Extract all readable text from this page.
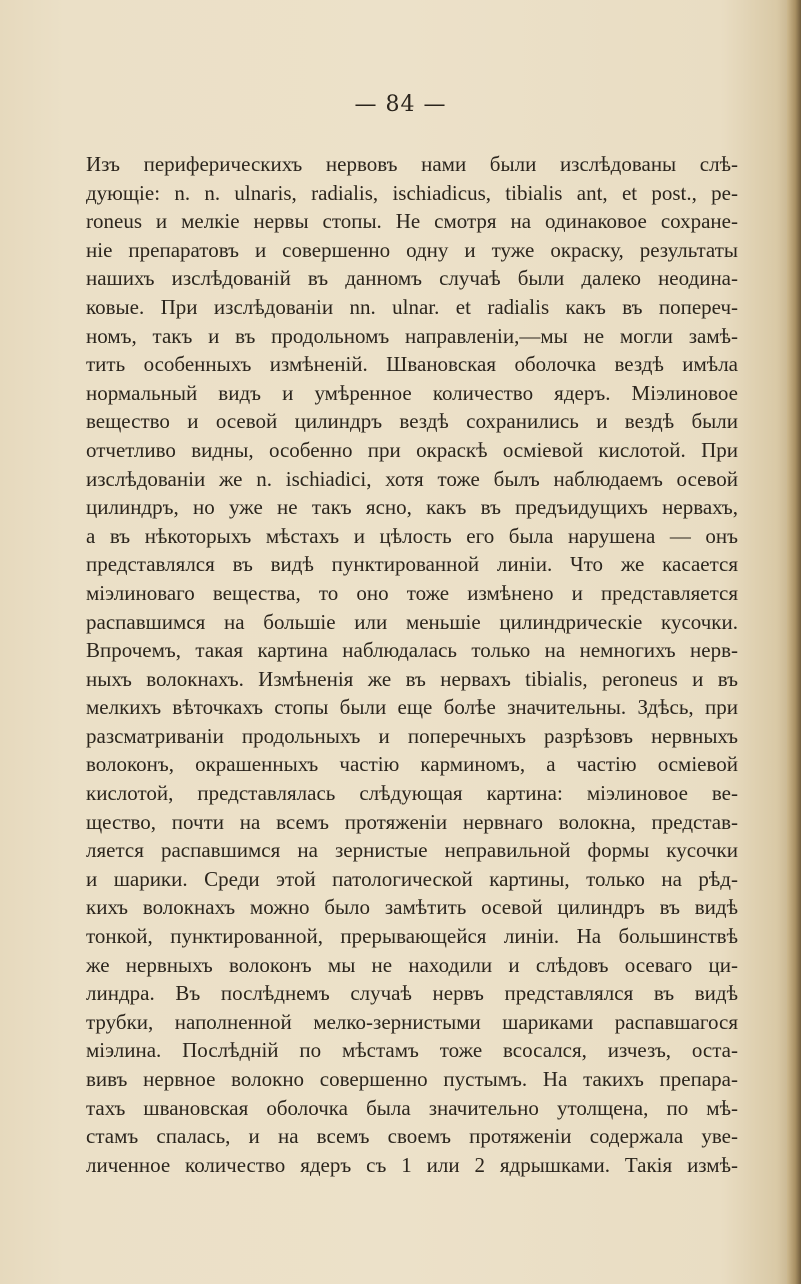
— 84 —
Изъ периферическихъ нервовъ нами были изслѣдованы слѣ-
дующіе: n. n. ulnaris, radialis, ischiadicus, tibialis ant, et post., pe-
roneus и мелкіе нервы стопы. Не смотря на одинаковое сохране-
ніе препаратовъ и совершенно одну и туже окраску, результаты
нашихъ изслѣдованій въ данномъ случаѣ были далеко неодина-
ковые. При изслѣдованіи nn. ulnar. et radialis какъ въ попереч-
номъ, такъ и въ продольномъ направленіи,—мы не могли замѣ-
тить особенныхъ измѣненій. Швановская оболочка вездѣ имѣла
нормальный видъ и умѣренное количество ядеръ. Міэлиновое
вещество и осевой цилиндръ вездѣ сохранились и вездѣ были
отчетливо видны, особенно при окраскѣ осміевой кислотой. При
изслѣдованіи же n. ischiadici, хотя тоже былъ наблюдаемъ осевой
цилиндръ, но уже не такъ ясно, какъ въ предъидущихъ нервахъ,
а въ нѣкоторыхъ мѣстахъ и цѣлость его была нарушена — онъ
представлялся въ видѣ пунктированной линіи. Что же касается
міэлиноваго вещества, то оно тоже измѣнено и представляется
распавшимся на большіе или меньшіе цилиндрическіе кусочки.
Впрочемъ, такая картина наблюдалась только на немногихъ нерв-
ныхъ волокнахъ. Измѣненія же въ нервахъ tibialis, peroneus и въ
мелкихъ вѣточкахъ стопы были еще болѣе значительны. Здѣсь, при
разсматриваніи продольныхъ и поперечныхъ разрѣзовъ нервныхъ
волоконъ, окрашенныхъ частію карминомъ, а частію осміевой
кислотой, представлялась слѣдующая картина: міэлиновое ве-
щество, почти на всемъ протяженіи нервнаго волокна, представ-
ляется распавшимся на зернистые неправильной формы кусочки
и шарики. Среди этой патологической картины, только на рѣд-
кихъ волокнахъ можно было замѣтить осевой цилиндръ въ видѣ
тонкой, пунктированной, прерывающейся линіи. На большинствѣ
же нервныхъ волоконъ мы не находили и слѣдовъ осеваго ци-
линдра. Въ послѣднемъ случаѣ нервъ представлялся въ видѣ
трубки, наполненной мелко-зернистыми шариками распавшагося
міэлина. Послѣдній по мѣстамъ тоже всосался, изчезъ, оста-
вивъ нервное волокно совершенно пустымъ. На такихъ препара-
тахъ швановская оболочка была значительно утолщена, по мѣ-
стамъ спалась, и на всемъ своемъ протяженіи содержала уве-
личенное количество ядеръ съ 1 или 2 ядрышками. Такія измѣ-
